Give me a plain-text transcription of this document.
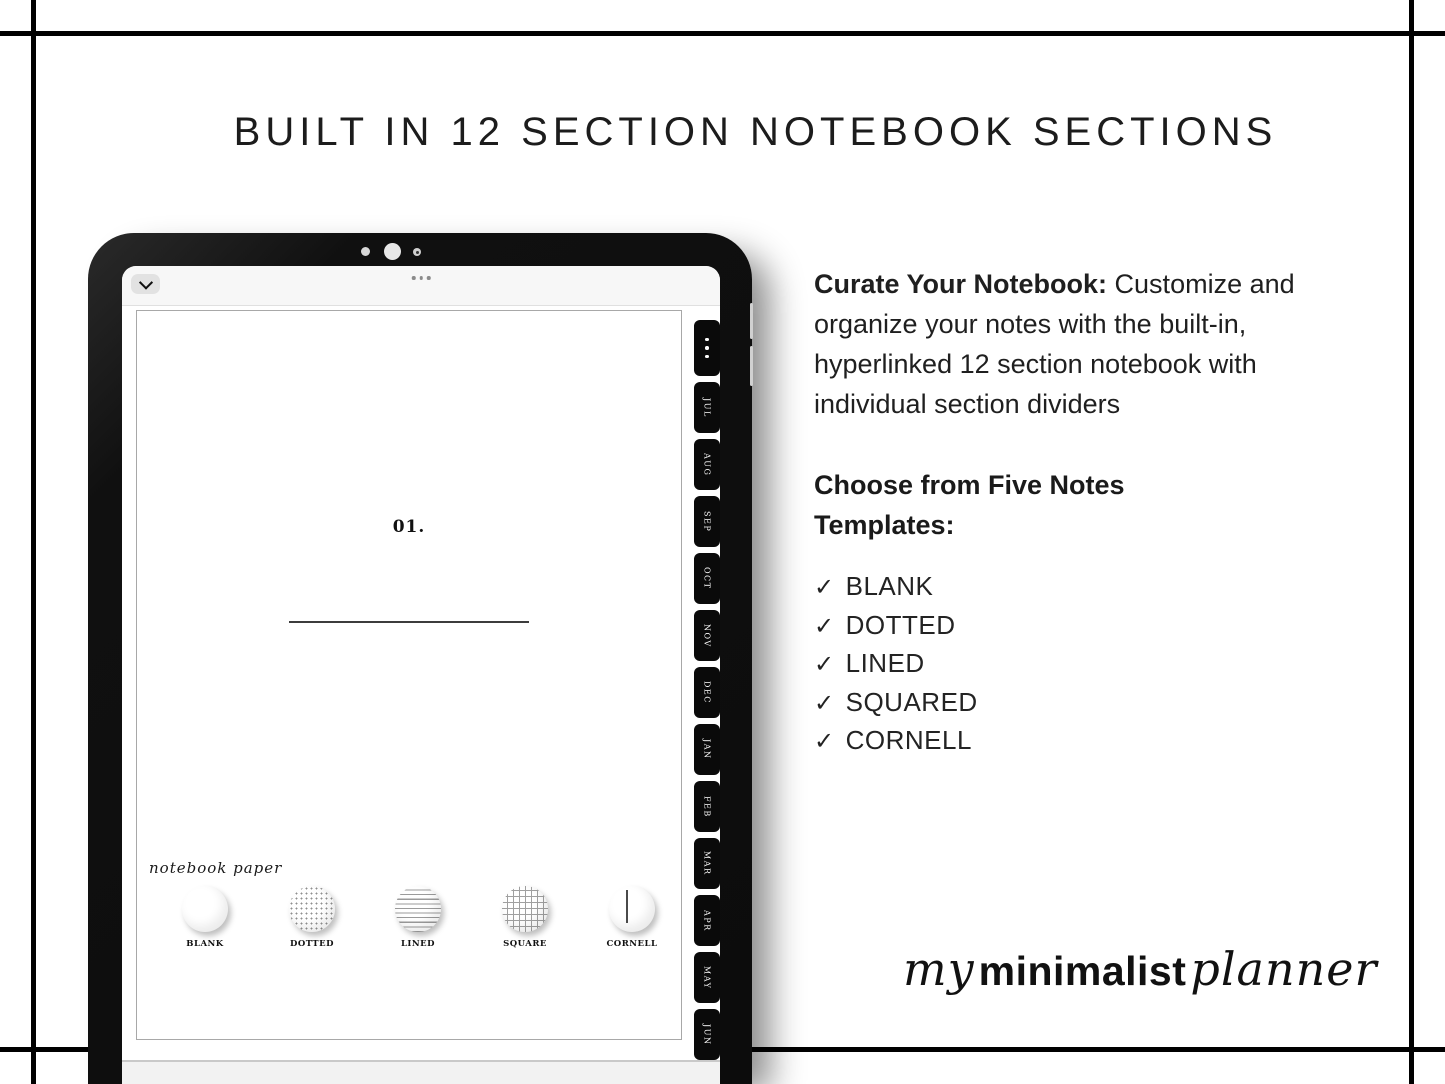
BUILT IN 12 SECTION NOTEBOOK SECTIONS
01.
notebook paper
BLANK	DOTTED	LINED	SQUARE	CORNELL
JUL
AUG
SEP
OCT
NOV
DEC
JAN
FEB
MAR
APR
MAY
JUN
Curate Your Notebook: Customize and organize your notes with the built-in, hyperlinked 12 section notebook with individual section dividers
Choose from Five Notes Templates:
✓ BLANK
✓ DOTTED
✓ LINED
✓ SQUARED
✓ CORNELL
my minimalist planner
